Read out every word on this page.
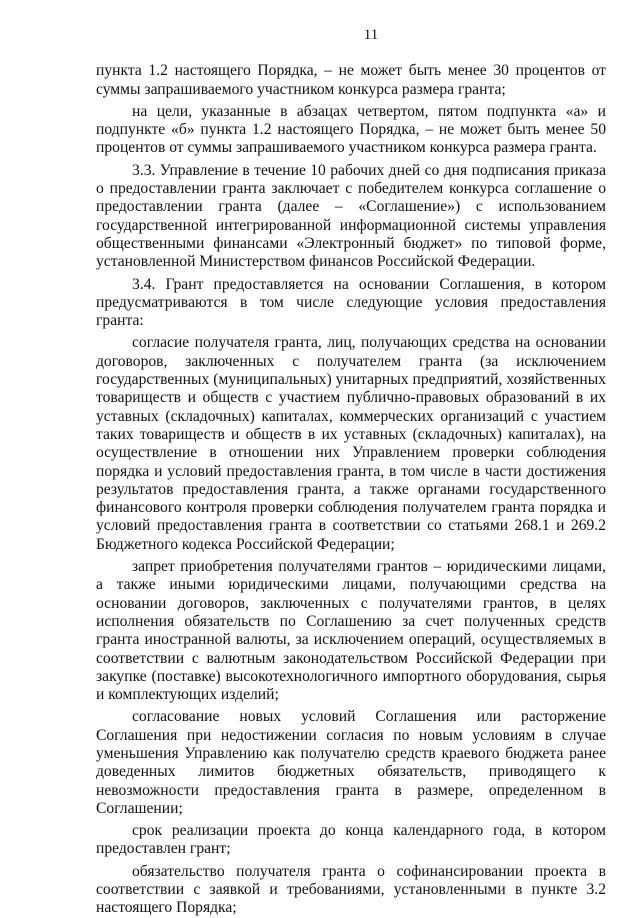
11

пункта 1.2 настоящего Порядка, – не может быть менее 30 процентов от суммы запрашиваемого участником конкурса размера гранта;

на цели, указанные в абзацах четвертом, пятом подпункта «а» и подпункте «б» пункта 1.2 настоящего Порядка, – не может быть менее 50 процентов от суммы запрашиваемого участником конкурса размера гранта.

3.3. Управление в течение 10 рабочих дней со дня подписания приказа о предоставлении гранта заключает с победителем конкурса соглашение о предоставлении гранта (далее – «Соглашение») с использованием государственной интегрированной информационной системы управления общественными финансами «Электронный бюджет» по типовой форме, установленной Министерством финансов Российской Федерации.

3.4. Грант предоставляется на основании Соглашения, в котором предусматриваются в том числе следующие условия предоставления гранта:

согласие получателя гранта, лиц, получающих средства на основании договоров, заключенных с получателем гранта (за исключением государственных (муниципальных) унитарных предприятий, хозяйственных товариществ и обществ с участием публично-правовых образований в их уставных (складочных) капиталах, коммерческих организаций с участием таких товариществ и обществ в их уставных (складочных) капиталах), на осуществление в отношении них Управлением проверки соблюдения порядка и условий предоставления гранта, в том числе в части достижения результатов предоставления гранта, а также органами государственного финансового контроля проверки соблюдения получателем гранта порядка и условий предоставления гранта в соответствии со статьями 268.1 и 269.2 Бюджетного кодекса Российской Федерации;

запрет приобретения получателями грантов – юридическими лицами, а также иными юридическими лицами, получающими средства на основании договоров, заключенных с получателями грантов, в целях исполнения обязательств по Соглашению за счет полученных средств гранта иностранной валюты, за исключением операций, осуществляемых в соответствии с валютным законодательством Российской Федерации при закупке (поставке) высокотехнологичного импортного оборудования, сырья и комплектующих изделий;

согласование новых условий Соглашения или расторжение Соглашения при недостижении согласия по новым условиям в случае уменьшения Управлению как получателю средств краевого бюджета ранее доведенных лимитов бюджетных обязательств, приводящего к невозможности предоставления гранта в размере, определенном в Соглашении;

срок реализации проекта до конца календарного года, в котором предоставлен грант;

обязательство получателя гранта о софинансировании проекта в соответствии с заявкой и требованиями, установленными в пункте 3.2 настоящего Порядка;
